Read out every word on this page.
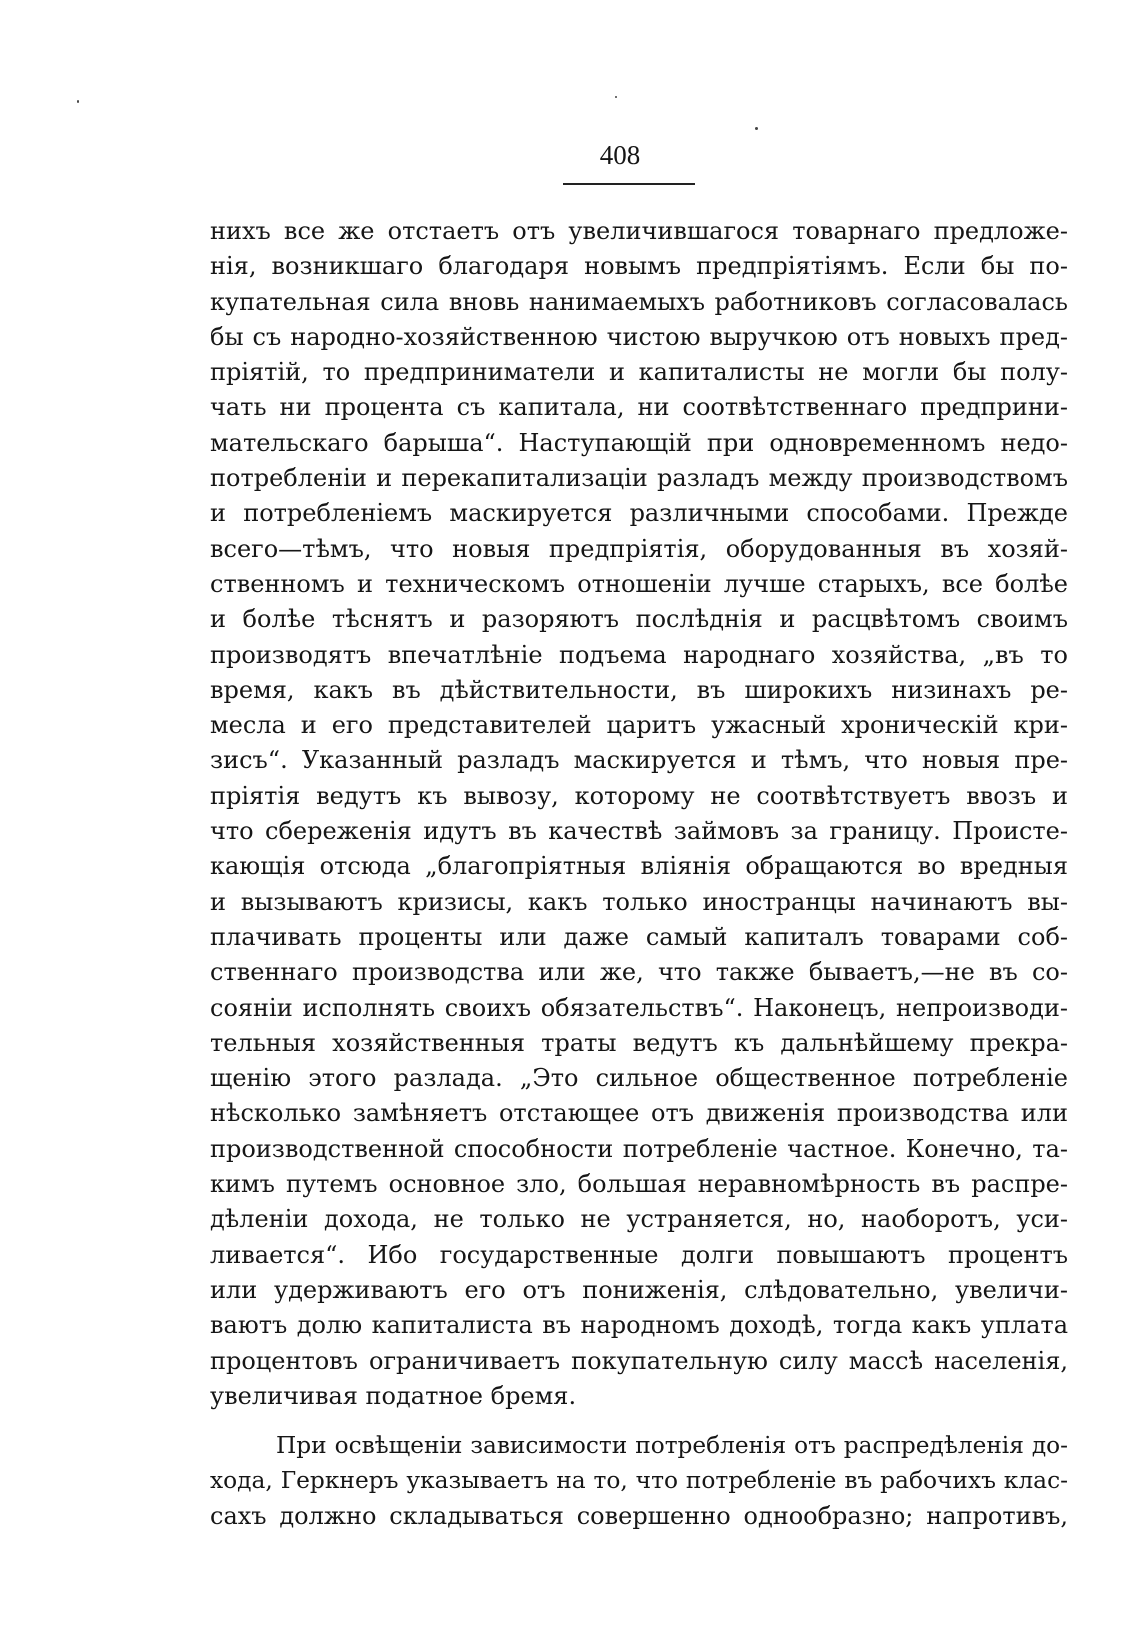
408
нихъ все же отстаетъ отъ увеличившагося товарнаго предложе-
нія, возникшаго благодаря новымъ предпріятіямъ. Если бы по-
купательная сила вновь нанимаемыхъ работниковъ согласовалась
бы съ народно-хозяйственною чистою выручкою отъ новыхъ пред-
пріятій, то предприниматели и капиталисты не могли бы полу-
чать ни процента съ капитала, ни соотвѣтственнаго предприни-
мательскаго барыша“. Наступающій при одновременномъ недо-
потребленіи и перекапитализаціи разладъ между производствомъ
и потребленіемъ маскируется различными способами. Прежде
всего—тѣмъ, что новыя предпріятія, оборудованныя въ хозяй-
ственномъ и техническомъ отношеніи лучше старыхъ, все болѣе
и болѣе тѣснятъ и разоряютъ послѣднія и расцвѣтомъ своимъ
производятъ впечатлѣніе подъема народнаго хозяйства, „въ то
время, какъ въ дѣйствительности, въ широкихъ низинахъ ре-
месла и его представителей царитъ ужасный хроническій кри-
зисъ“. Указанный разладъ маскируется и тѣмъ, что новыя пре-
пріятія ведутъ къ вывозу, которому не соотвѣтствуетъ ввозъ и
что сбереженія идутъ въ качествѣ займовъ за границу. Происте-
кающія отсюда „благопріятныя вліянія обращаются во вредныя
и вызываютъ кризисы, какъ только иностранцы начинаютъ вы-
плачивать проценты или даже самый капиталъ товарами соб-
ственнаго производства или же, что также бываетъ,—не въ со-
сояніи исполнять своихъ обязательствъ“. Наконецъ, непроизводи-
тельныя хозяйственныя траты ведутъ къ дальнѣйшему прекра-
щенію этого разлада. „Это сильное общественное потребленіе
нѣсколько замѣняетъ отстающее отъ движенія производства или
производственной способности потребленіе частное. Конечно, та-
кимъ путемъ основное зло, большая неравномѣрность въ распре-
дѣленіи дохода, не только не устраняется, но, наоборотъ, уси-
ливается“. Ибо государственные долги повышаютъ процентъ
или удерживаютъ его отъ пониженія, слѣдовательно, увеличи-
ваютъ долю капиталиста въ народномъ доходѣ, тогда какъ уплата
процентовъ ограничиваетъ покупательную силу массѣ населенія,
увеличивая податное бремя.
При освѣщеніи зависимости потребленія отъ распредѣленія до-
хода, Геркнеръ указываетъ на то, что потребленіе въ рабочихъ клас-
сахъ должно складываться совершенно однообразно; напротивъ,
